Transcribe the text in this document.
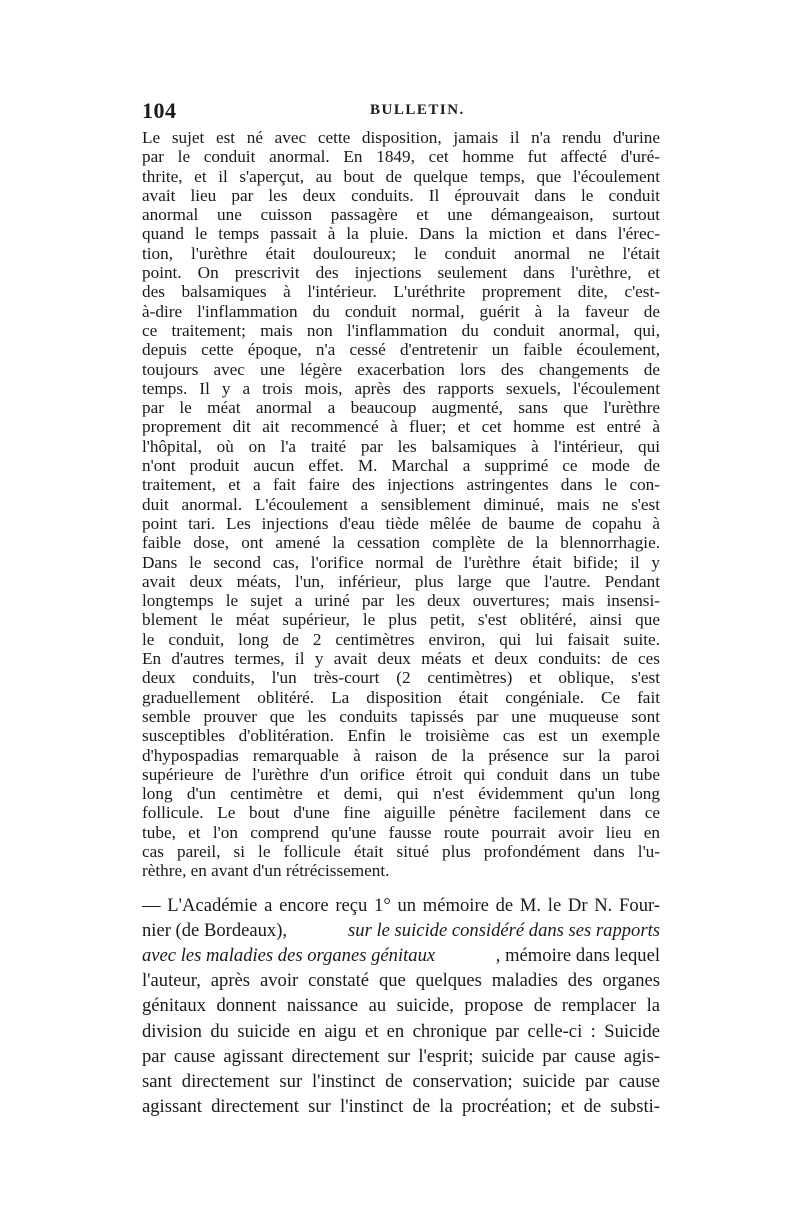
104	BULLETIN.

Le sujet est né avec cette disposition, jamais il n'a rendu d'urine
par le conduit anormal. En 1849, cet homme fut affecté d'uré-
thrite, et il s'aperçut, au bout de quelque temps, que l'écoulement
avait lieu par les deux conduits. Il éprouvait dans le conduit
anormal une cuisson passagère et une démangeaison, surtout
quand le temps passait à la pluie. Dans la miction et dans l'érec-
tion, l'urèthre était douloureux; le conduit anormal ne l'était
point. On prescrivit des injections seulement dans l'urèthre, et
des balsamiques à l'intérieur. L'uréthrite proprement dite, c'est-
à-dire l'inflammation du conduit normal, guérit à la faveur de
ce traitement; mais non l'inflammation du conduit anormal, qui,
depuis cette époque, n'a cessé d'entretenir un faible écoulement,
toujours avec une légère exacerbation lors des changements de
temps. Il y a trois mois, après des rapports sexuels, l'écoulement
par le méat anormal a beaucoup augmenté, sans que l'urèthre
proprement dit ait recommencé à fluer; et cet homme est entré à
l'hôpital, où on l'a traité par les balsamiques à l'intérieur, qui
n'ont produit aucun effet. M. Marchal a supprimé ce mode de
traitement, et a fait faire des injections astringentes dans le con-
duit anormal. L'écoulement a sensiblement diminué, mais ne s'est
point tari. Les injections d'eau tiède mêlée de baume de copahu à
faible dose, ont amené la cessation complète de la blennorrhagie.
Dans le second cas, l'orifice normal de l'urèthre était bifide; il y
avait deux méats, l'un, inférieur, plus large que l'autre. Pendant
longtemps le sujet a uriné par les deux ouvertures; mais insensi-
blement le méat supérieur, le plus petit, s'est oblitéré, ainsi que
le conduit, long de 2 centimètres environ, qui lui faisait suite.
En d'autres termes, il y avait deux méats et deux conduits: de ces
deux conduits, l'un très-court (2 centimètres) et oblique, s'est
graduellement oblitéré. La disposition était congéniale. Ce fait
semble prouver que les conduits tapissés par une muqueuse sont
susceptibles d'oblitération. Enfin le troisième cas est un exemple
d'hypospadias remarquable à raison de la présence sur la paroi
supérieure de l'urèthre d'un orifice étroit qui conduit dans un tube
long d'un centimètre et demi, qui n'est évidemment qu'un long
follicule. Le bout d'une fine aiguille pénètre facilement dans ce
tube, et l'on comprend qu'une fausse route pourrait avoir lieu en
cas pareil, si le follicule était situé plus profondément dans l'u-
rèthre, en avant d'un rétrécissement.

— L'Académie a encore reçu 1° un mémoire de M. le Dr N. Four-
nier (de Bordeaux),	sur le suicide considéré dans ses rapports
avec les maladies des organes génitaux	, mémoire dans lequel
l'auteur, après avoir constaté que quelques maladies des organes
génitaux donnent naissance au suicide, propose de remplacer la
division du suicide en aigu et en chronique par celle-ci : Suicide
par cause agissant directement sur l'esprit; suicide par cause agis-
sant directement sur l'instinct de conservation; suicide par cause
agissant directement sur l'instinct de la procréation; et de substi-
